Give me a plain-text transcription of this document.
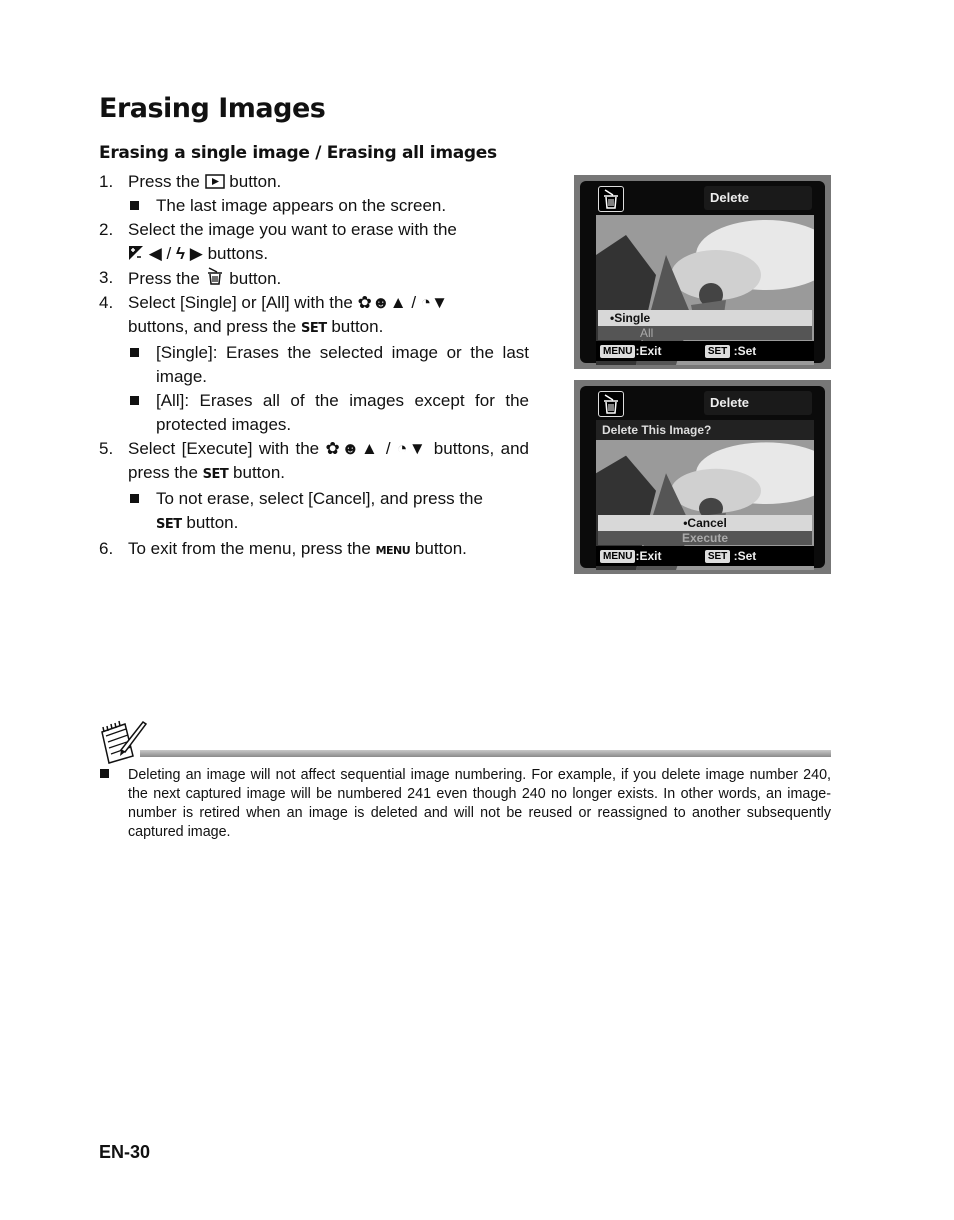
Erasing Images
Erasing a single image / Erasing all images
1. Press the button.
The last image appears on the screen.
2. Select the image you want to erase with the
◀ / ϟ ▶ buttons.
3. Press the button.
4. Select [Single] or [All] with the ✿☻▲ / ◔▼
buttons, and press the SET button.
[Single]: Erases the selected image or the last image.
[All]: Erases all of the images except for the protected images.
5. Select [Execute] with the ✿☻▲ / ◔▼ buttons, and press the SET button.
To not erase, select [Cancel], and press the
SET button.
6. To exit from the menu, press the MENU button.
Delete
•Single
All
MENU :Exit	SET :Set
Delete
Delete This Image?
•Cancel
Execute
MENU :Exit	SET :Set
Deleting an image will not affect sequential image numbering. For example, if you delete image number 240, the next captured image will be numbered 241 even though 240 no longer exists. In other words, an image-number is retired when an image is deleted and will not be reused or reassigned to another subsequently captured image.
EN-30
